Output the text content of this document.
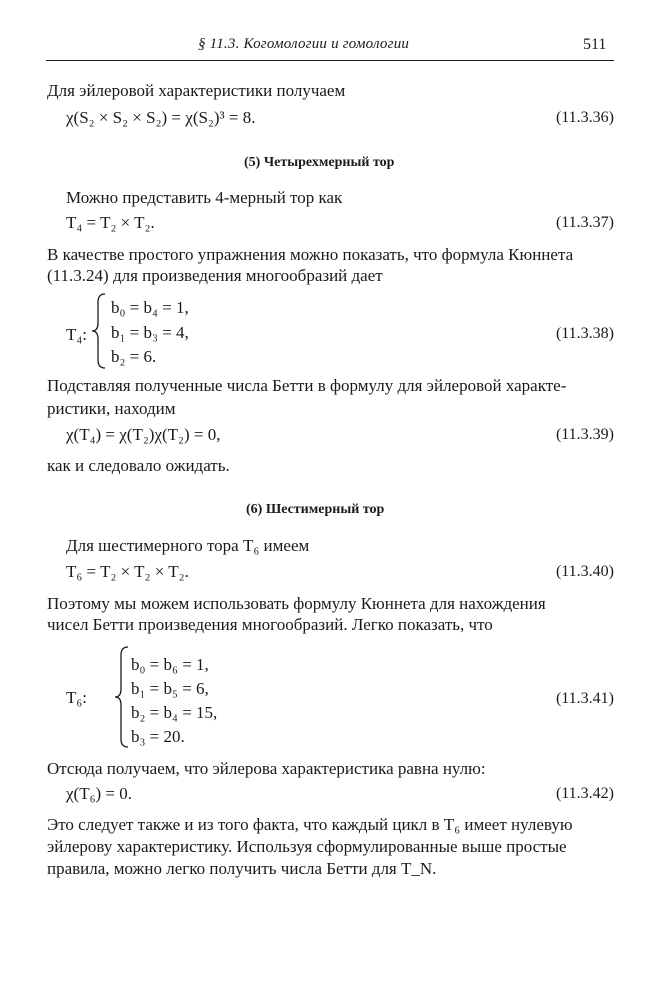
§ 11.3. Когомологии и гомологии	511
Для эйлеровой характеристики получаем
χ(S₂ × S₂ × S₂) = χ(S₂)³ = 8.	(11.3.36)
(5) Четырехмерный тор
Можно представить 4-мерный тор как
T₄ = T₂ × T₂.	(11.3.37)
В качестве простого упражнения можно показать, что формула Кюннета
(11.3.24) для произведения многообразий дает
T₄:
b₀ = b₄ = 1,
b₁ = b₃ = 4,
b₂ = 6.
(11.3.38)
Подставляя полученные числа Бетти в формулу для эйлеровой характе-
ристики, находим
χ(T₄) = χ(T₂)χ(T₂) = 0,	(11.3.39)
как и следовало ожидать.
(6) Шестимерный тор
Для шестимерного тора T₆ имеем
T₆ = T₂ × T₂ × T₂.	(11.3.40)
Поэтому мы можем использовать формулу Кюннета для нахождения
чисел Бетти произведения многообразий. Легко показать, что
T₆:
b₀ = b₆ = 1,
b₁ = b₅ = 6,
b₂ = b₄ = 15,
b₃ = 20.
(11.3.41)
Отсюда получаем, что эйлерова характеристика равна нулю:
χ(T₆) = 0.	(11.3.42)
Это следует также и из того факта, что каждый цикл в T₆ имеет нулевую
эйлерову характеристику. Используя сформулированные выше простые
правила, можно легко получить числа Бетти для T_N.
